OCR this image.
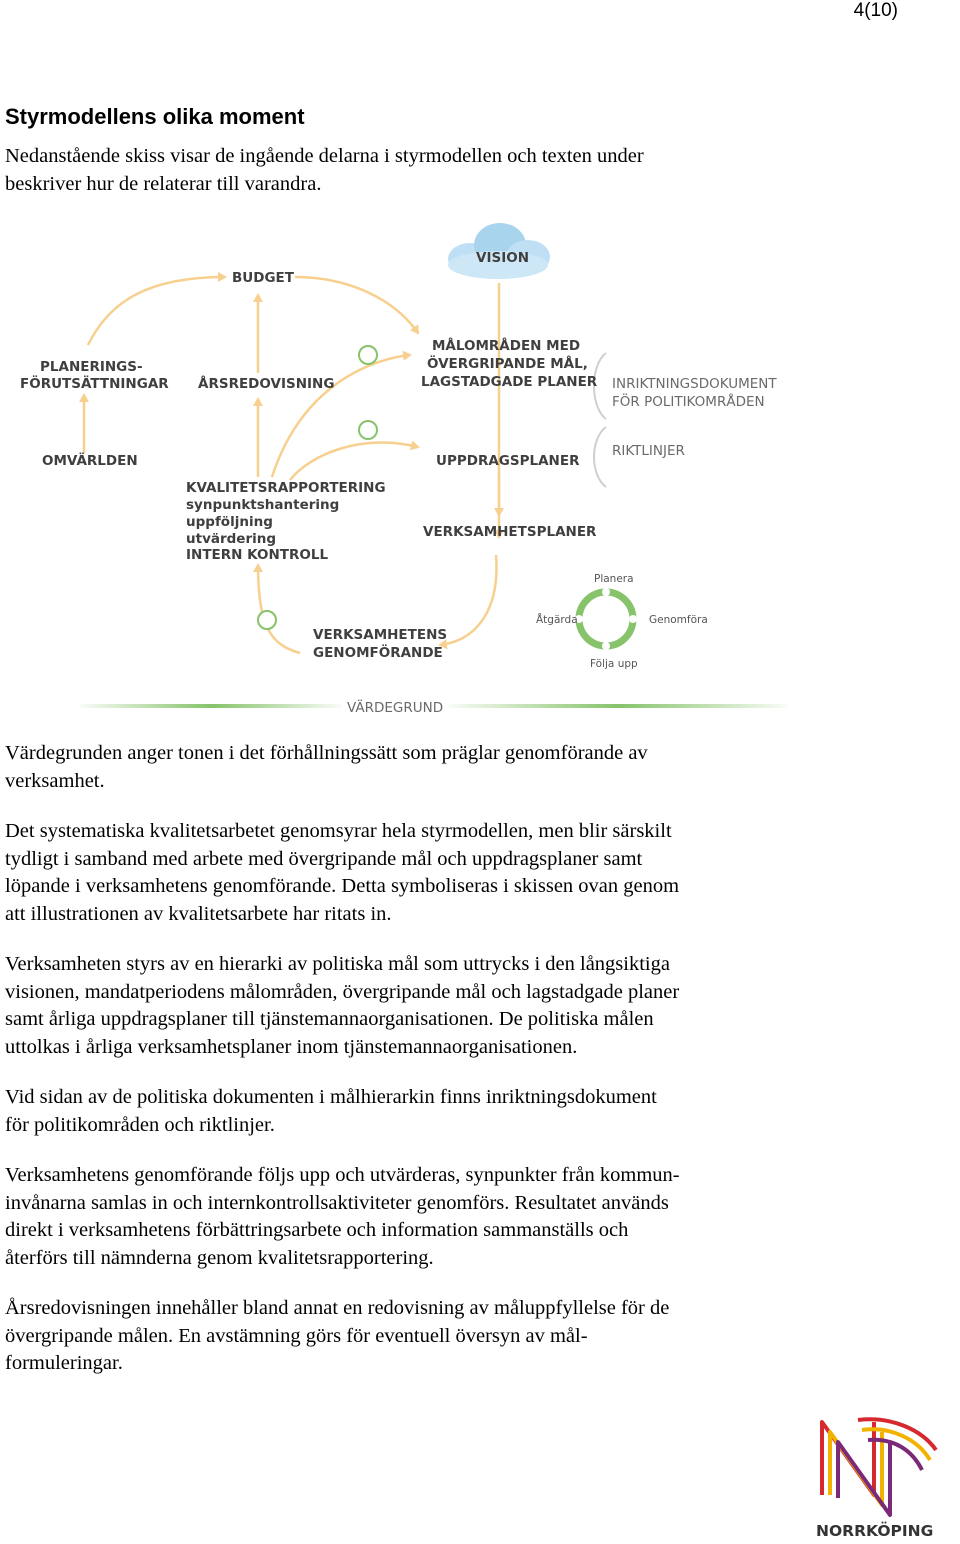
4(10)
Styrmodellens olika moment

Nedanstående skiss visar de ingående delarna i styrmodellen och texten under
beskriver hur de relaterar till varandra.

VISION
BUDGET
PLANERINGS-
FÖRUTSÄTTNINGAR ÅRSREDOVISNING
MÅLOMRÅDEN MED
ÖVERGRIPANDE MÅL,
LAGSTADGADE PLANER INRIKTNINGSDOKUMENT
FÖR POLITIKOMRÅDEN
RIKTLINJER
OMVÄRLDEN
KVALITETSRAPPORTERING
synpunktshantering
uppföljning
utvärdering
INTERN KONTROLL
UPPDRAGSPLANER
VERKSAMHETSPLANER
VERKSAMHETENS
GENOMFÖRANDE
Planera
Genomföra
Följa upp
Åtgärda
VÄRDEGRUND

Värdegrunden anger tonen i det förhållningssätt som präglar genomförande av
verksamhet.

Det systematiska kvalitetsarbetet genomsyrar hela styrmodellen, men blir särskilt
tydligt i samband med arbete med övergripande mål och uppdragsplaner samt
löpande i verksamhetens genomförande. Detta symboliseras i skissen ovan genom
att illustrationen av kvalitetsarbete har ritats in.

Verksamheten styrs av en hierarki av politiska mål som uttrycks i den långsiktiga
visionen, mandatperiodens målområden, övergripande mål och lagstadgade planer
samt årliga uppdragsplaner till tjänstemannaorganisationen. De politiska målen
uttolkas i årliga verksamhetsplaner inom tjänstemannaorganisationen.

Vid sidan av de politiska dokumenten i målhierarkin finns inriktningsdokument
för politikområden och riktlinjer.

Verksamhetens genomförande följs upp och utvärderas, synpunkter från kommun-
invånarna samlas in och internkontrollsaktiviteter genomförs. Resultatet används
direkt i verksamhetens förbättringsarbete och information sammanställs och
återförs till nämnderna genom kvalitetsrapportering.

Årsredovisningen innehåller bland annat en redovisning av måluppfyllelse för de
övergripande målen. En avstämning görs för eventuell översyn av mål-
formuleringar.

NORRKÖPING
